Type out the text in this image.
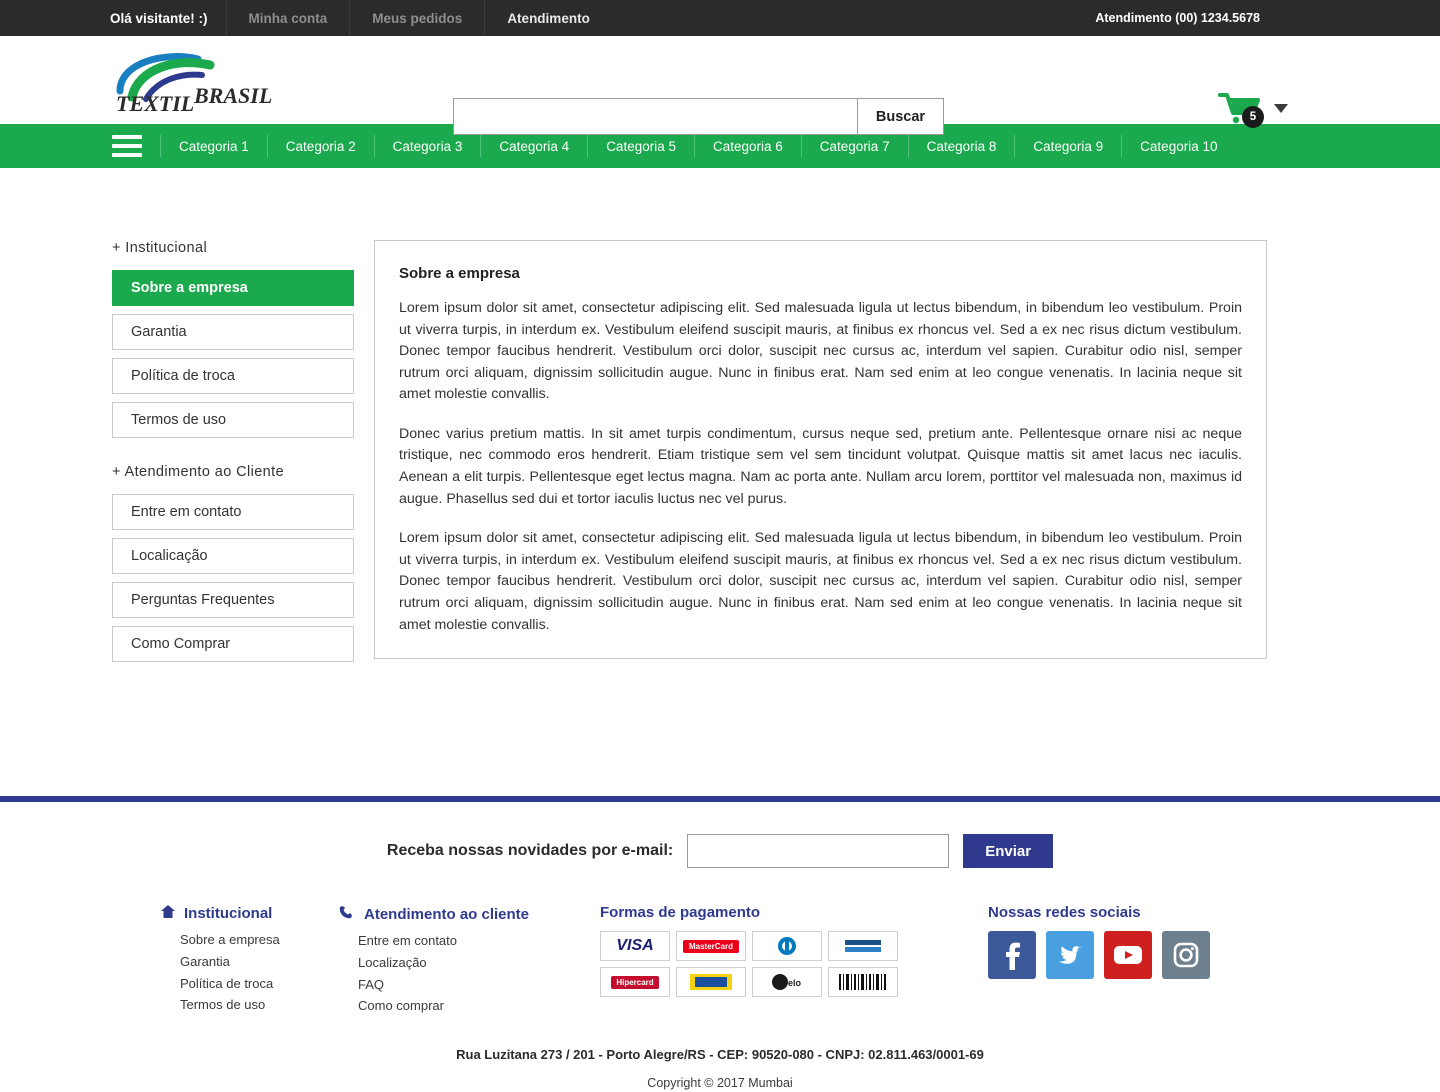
Olá visitante! :)	Minha conta	Meus pedidos	Atendimento	Atendimento (00) 1234.5678
TEXTIL BRASIL
Buscar	5
Categoria 1	Categoria 2	Categoria 3	Categoria 4	Categoria 5	Categoria 6	Categoria 7	Categoria 8	Categoria 9	Categoria 10
+ Institucional
Sobre a empresa
Garantia
Política de troca
Termos de uso
+ Atendimento ao Cliente
Entre em contato
Localicação
Perguntas Frequentes
Como Comprar
Sobre a empresa

Lorem ipsum dolor sit amet, consectetur adipiscing elit. Sed malesuada ligula ut lectus bibendum, in bibendum leo vestibulum. Proin ut viverra turpis, in interdum ex. Vestibulum eleifend suscipit mauris, at finibus ex rhoncus vel. Sed a ex nec risus dictum vestibulum. Donec tempor faucibus hendrerit. Vestibulum orci dolor, suscipit nec cursus ac, interdum vel sapien. Curabitur odio nisl, semper rutrum orci aliquam, dignissim sollicitudin augue. Nunc in finibus erat. Nam sed enim at leo congue venenatis. In lacinia neque sit amet molestie convallis.

Donec varius pretium mattis. In sit amet turpis condimentum, cursus neque sed, pretium ante. Pellentesque ornare nisi ac neque tristique, nec commodo eros hendrerit. Etiam tristique sem vel sem tincidunt volutpat. Quisque mattis sit amet lacus nec iaculis. Aenean a elit turpis. Pellentesque eget lectus magna. Nam ac porta ante. Nullam arcu lorem, porttitor vel malesuada non, maximus id augue. Phasellus sed dui et tortor iaculis luctus nec vel purus.

Lorem ipsum dolor sit amet, consectetur adipiscing elit. Sed malesuada ligula ut lectus bibendum, in bibendum leo vestibulum. Proin ut viverra turpis, in interdum ex. Vestibulum eleifend suscipit mauris, at finibus ex rhoncus vel. Sed a ex nec risus dictum vestibulum. Donec tempor faucibus hendrerit. Vestibulum orci dolor, suscipit nec cursus ac, interdum vel sapien. Curabitur odio nisl, semper rutrum orci aliquam, dignissim sollicitudin augue. Nunc in finibus erat. Nam sed enim at leo congue venenatis. In lacinia neque sit amet molestie convallis.

Receba nossas novidades por e-mail:	Enviar
Institucional
Sobre a empresa
Garantia
Política de troca
Termos de uso
Atendimento ao cliente
Entre em contato
Localização
FAQ
Como comprar
Formas de pagamento
VISA	MasterCard
Hipercard	elo
Nossas redes sociais
Rua Luzitana 273 / 201 - Porto Alegre/RS - CEP: 90520-080 - CNPJ: 02.811.463/0001-69
Copyright © 2017 Mumbai
